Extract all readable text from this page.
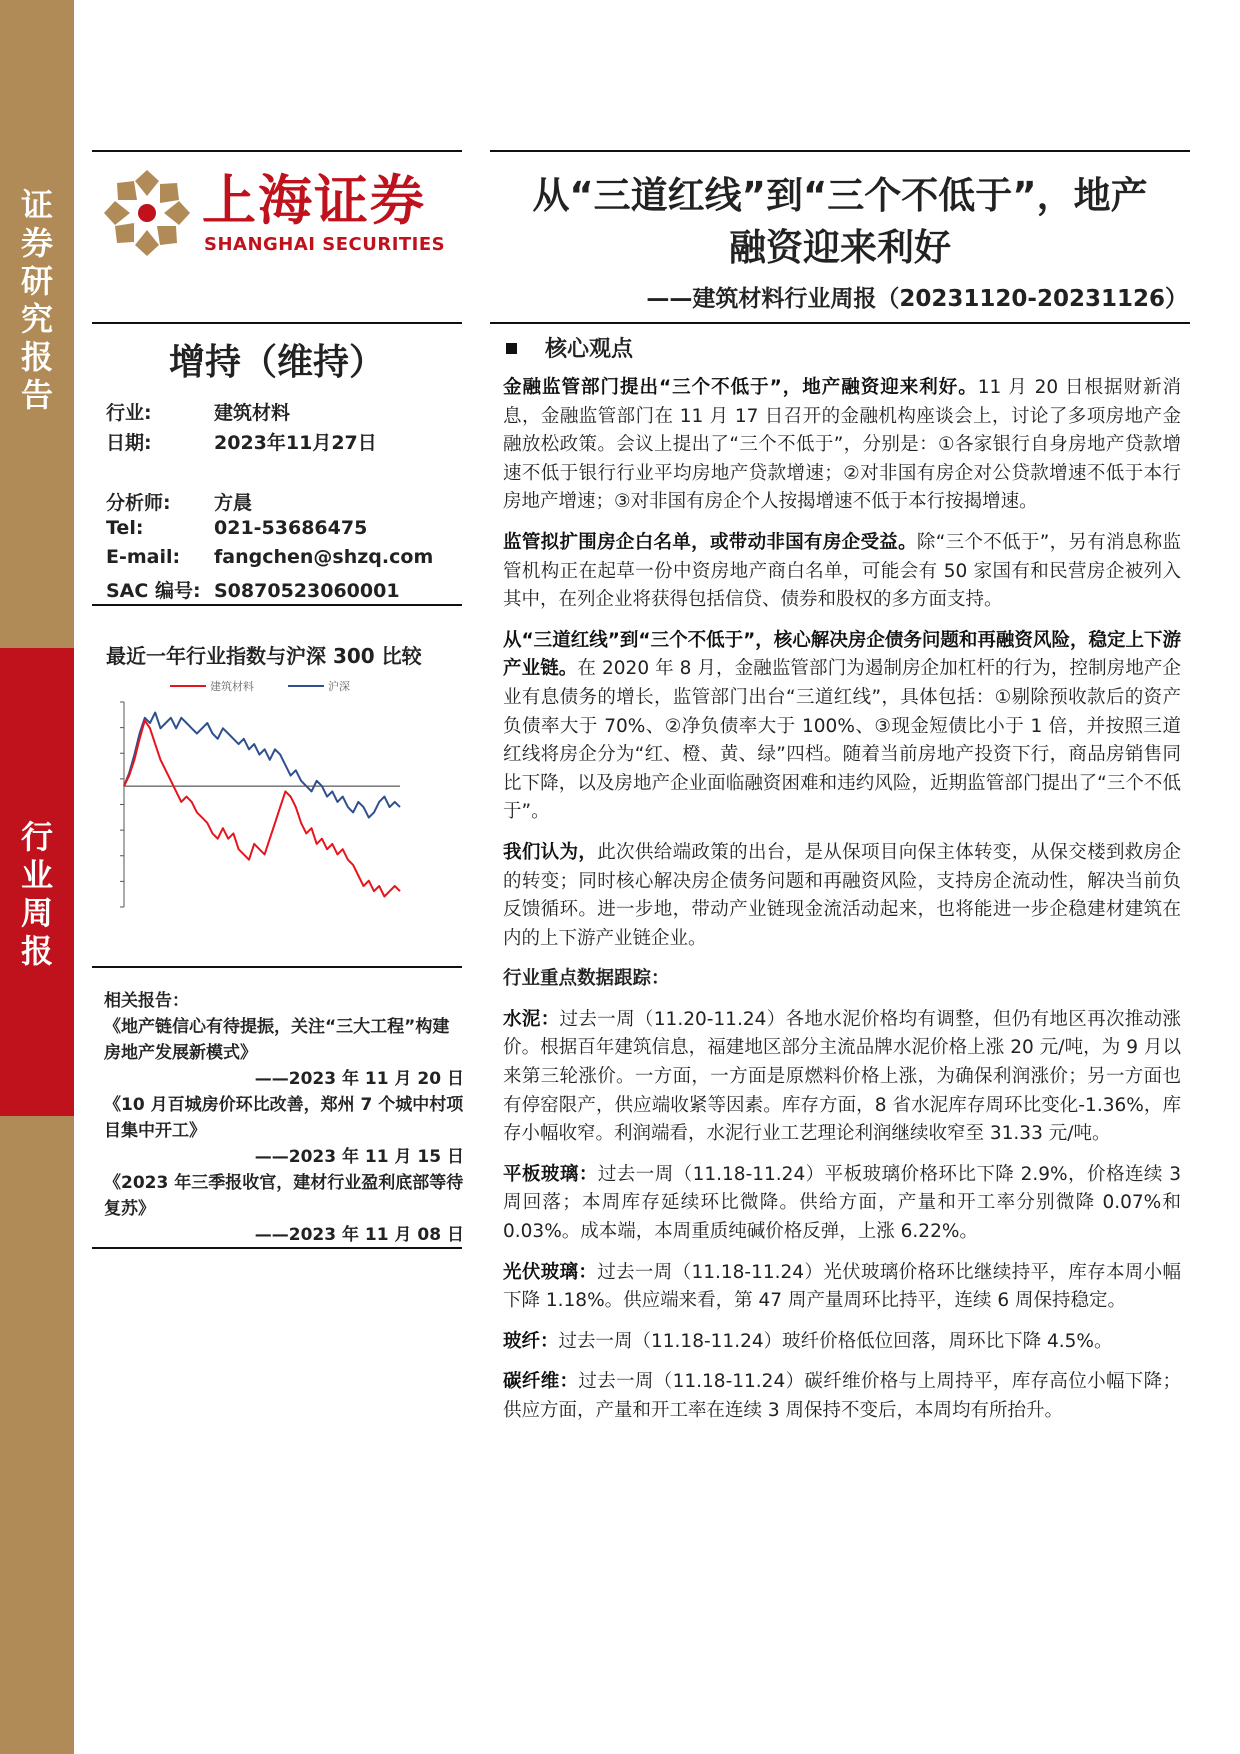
证
券
研
究
报
告
行
业
周
报
上海证券
SHANGHAI SECURITIES
从“三道红线”到“三个不低于”，地产
融资迎来利好
——建筑材料行业周报（20231120-20231126）
增持（维持）
行业:	建筑材料
日期:	2023年11月27日
分析师: 方晨
Tel:	021-53686475
E-mail: fangchen@shzq.com
SAC 编号: S0870523060001
最近一年行业指数与沪深 300 比较
建筑材料	沪深
相关报告：
《地产链信心有待提振，关注“三大工程”构建房地产发展新模式》
——2023 年 11 月 20 日
《10 月百城房价环比改善，郑州 7 个城中村项目集中开工》
——2023 年 11 月 15 日
《2023 年三季报收官，建材行业盈利底部等待复苏》
——2023 年 11 月 08 日
核心观点

金融监管部门提出“三个不低于”，地产融资迎来利好。11 月 20 日根据财新消息，金融监管部门在 11 月 17 日召开的金融机构座谈会上，讨论了多项房地产金融放松政策。会议上提出了“三个不低于”，分别是：①各家银行自身房地产贷款增速不低于银行行业平均房地产贷款增速；②对非国有房企对公贷款增速不低于本行房地产增速；③对非国有房企个人按揭增速不低于本行按揭增速。

监管拟扩围房企白名单，或带动非国有房企受益。除“三个不低于”，另有消息称监管机构正在起草一份中资房地产商白名单，可能会有 50 家国有和民营房企被列入其中，在列企业将获得包括信贷、债券和股权的多方面支持。

从“三道红线”到“三个不低于”，核心解决房企债务问题和再融资风险，稳定上下游产业链。在 2020 年 8 月，金融监管部门为遏制房企加杠杆的行为，控制房地产企业有息债务的增长，监管部门出台“三道红线”，具体包括：①剔除预收款后的资产负债率大于 70%、②净负债率大于 100%、③现金短债比小于 1 倍，并按照三道红线将房企分为“红、橙、黄、绿”四档。随着当前房地产投资下行，商品房销售同比下降，以及房地产企业面临融资困难和违约风险，近期监管部门提出了“三个不低于”。

我们认为，此次供给端政策的出台，是从保项目向保主体转变，从保交楼到救房企的转变；同时核心解决房企债务问题和再融资风险，支持房企流动性，解决当前负反馈循环。进一步地，带动产业链现金流活动起来，也将能进一步企稳建材建筑在内的上下游产业链企业。

行业重点数据跟踪：

水泥：过去一周（11.20-11.24）各地水泥价格均有调整，但仍有地区再次推动涨价。根据百年建筑信息，福建地区部分主流品牌水泥价格上涨 20 元/吨，为 9 月以来第三轮涨价。一方面，一方面是原燃料价格上涨，为确保利润涨价；另一方面也有停窑限产，供应端收紧等因素。库存方面，8 省水泥库存周环比变化-1.36%，库存小幅收窄。利润端看，水泥行业工艺理论利润继续收窄至 31.33 元/吨。

平板玻璃：过去一周（11.18-11.24）平板玻璃价格环比下降 2.9%，价格连续 3 周回落；本周库存延续环比微降。供给方面，产量和开工率分别微降 0.07%和 0.03%。成本端，本周重质纯碱价格反弹，上涨 6.22%。

光伏玻璃：过去一周（11.18-11.24）光伏玻璃价格环比继续持平，库存本周小幅下降 1.18%。供应端来看，第 47 周产量周环比持平，连续 6 周保持稳定。

玻纤：过去一周（11.18-11.24）玻纤价格低位回落，周环比下降 4.5%。

碳纤维：过去一周（11.18-11.24）碳纤维价格与上周持平，库存高位小幅下降；供应方面，产量和开工率在连续 3 周保持不变后，本周均有所抬升。
